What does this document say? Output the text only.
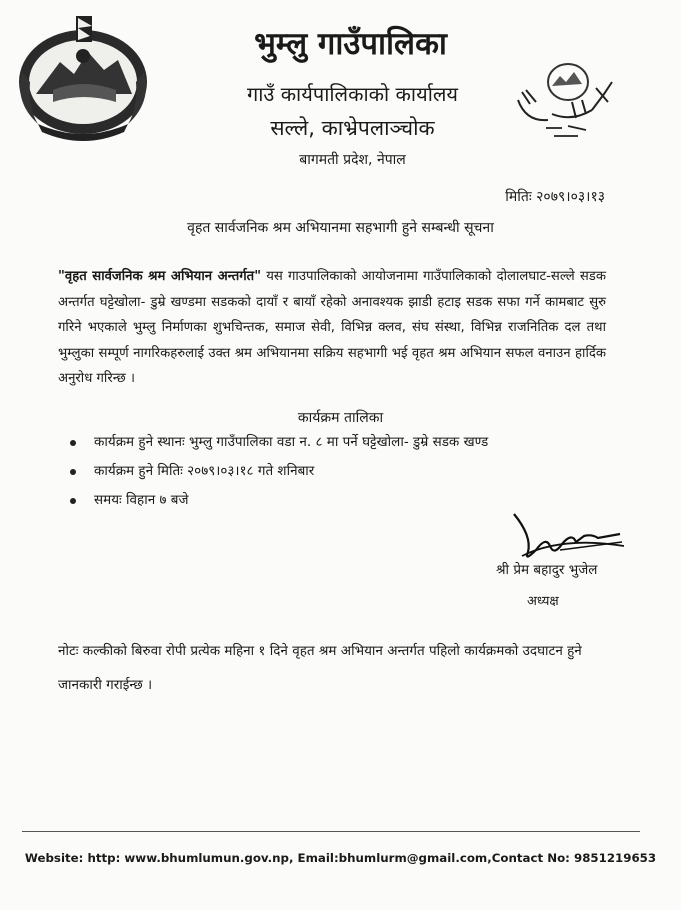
भुम्लु गाउँपालिका
गाउँ कार्यपालिकाको कार्यालय
सल्ले, काभ्रेपलाञ्चोक
बागमती प्रदेश, नेपाल
मितिः २०७९।०३।१३
वृहत सार्वजनिक श्रम अभियानमा सहभागी हुने सम्बन्धी सूचना
"वृहत सार्वजनिक श्रम अभियान अन्तर्गत" यस गाउपालिकाको आयोजनामा गाउँपालिकाको दोलालघाट-सल्ले सडक अन्तर्गत घट्टेखोला- डुम्रे खण्डमा सडकको दायाँ र बायाँ रहेको अनावश्यक झाडी हटाइ सडक सफा गर्ने कामबाट सुरु गरिने भएकाले भुम्लु निर्माणका शुभचिन्तक, समाज सेवी, विभिन्न क्लव, संघ संस्था, विभिन्न राजनितिक दल तथा भुम्लुका सम्पूर्ण नागरिकहरुलाई उक्त श्रम अभियानमा सक्रिय सहभागी भई वृहत श्रम अभियान सफल वनाउन हार्दिक अनुरोध गरिन्छ ।
कार्यक्रम तालिका
कार्यक्रम हुने स्थानः भुम्लु गाउँपालिका वडा न. ८ मा पर्ने घट्टेखोला- डुम्रे सडक खण्ड
कार्यक्रम हुने मितिः २०७९।०३।१८ गते शनिबार
समयः विहान ७ बजे
श्री प्रेम बहादुर भुजेल
अध्यक्ष
नोटः कल्कीको बिरुवा रोपी प्रत्येक महिना १ दिने वृहत श्रम अभियान अन्तर्गत पहिलो कार्यक्रमको उदघाटन हुने जानकारी गराईन्छ ।
Website: http: www.bhumlumun.gov.np, Email:bhumlurm@gmail.com,Contact No: 9851219653
